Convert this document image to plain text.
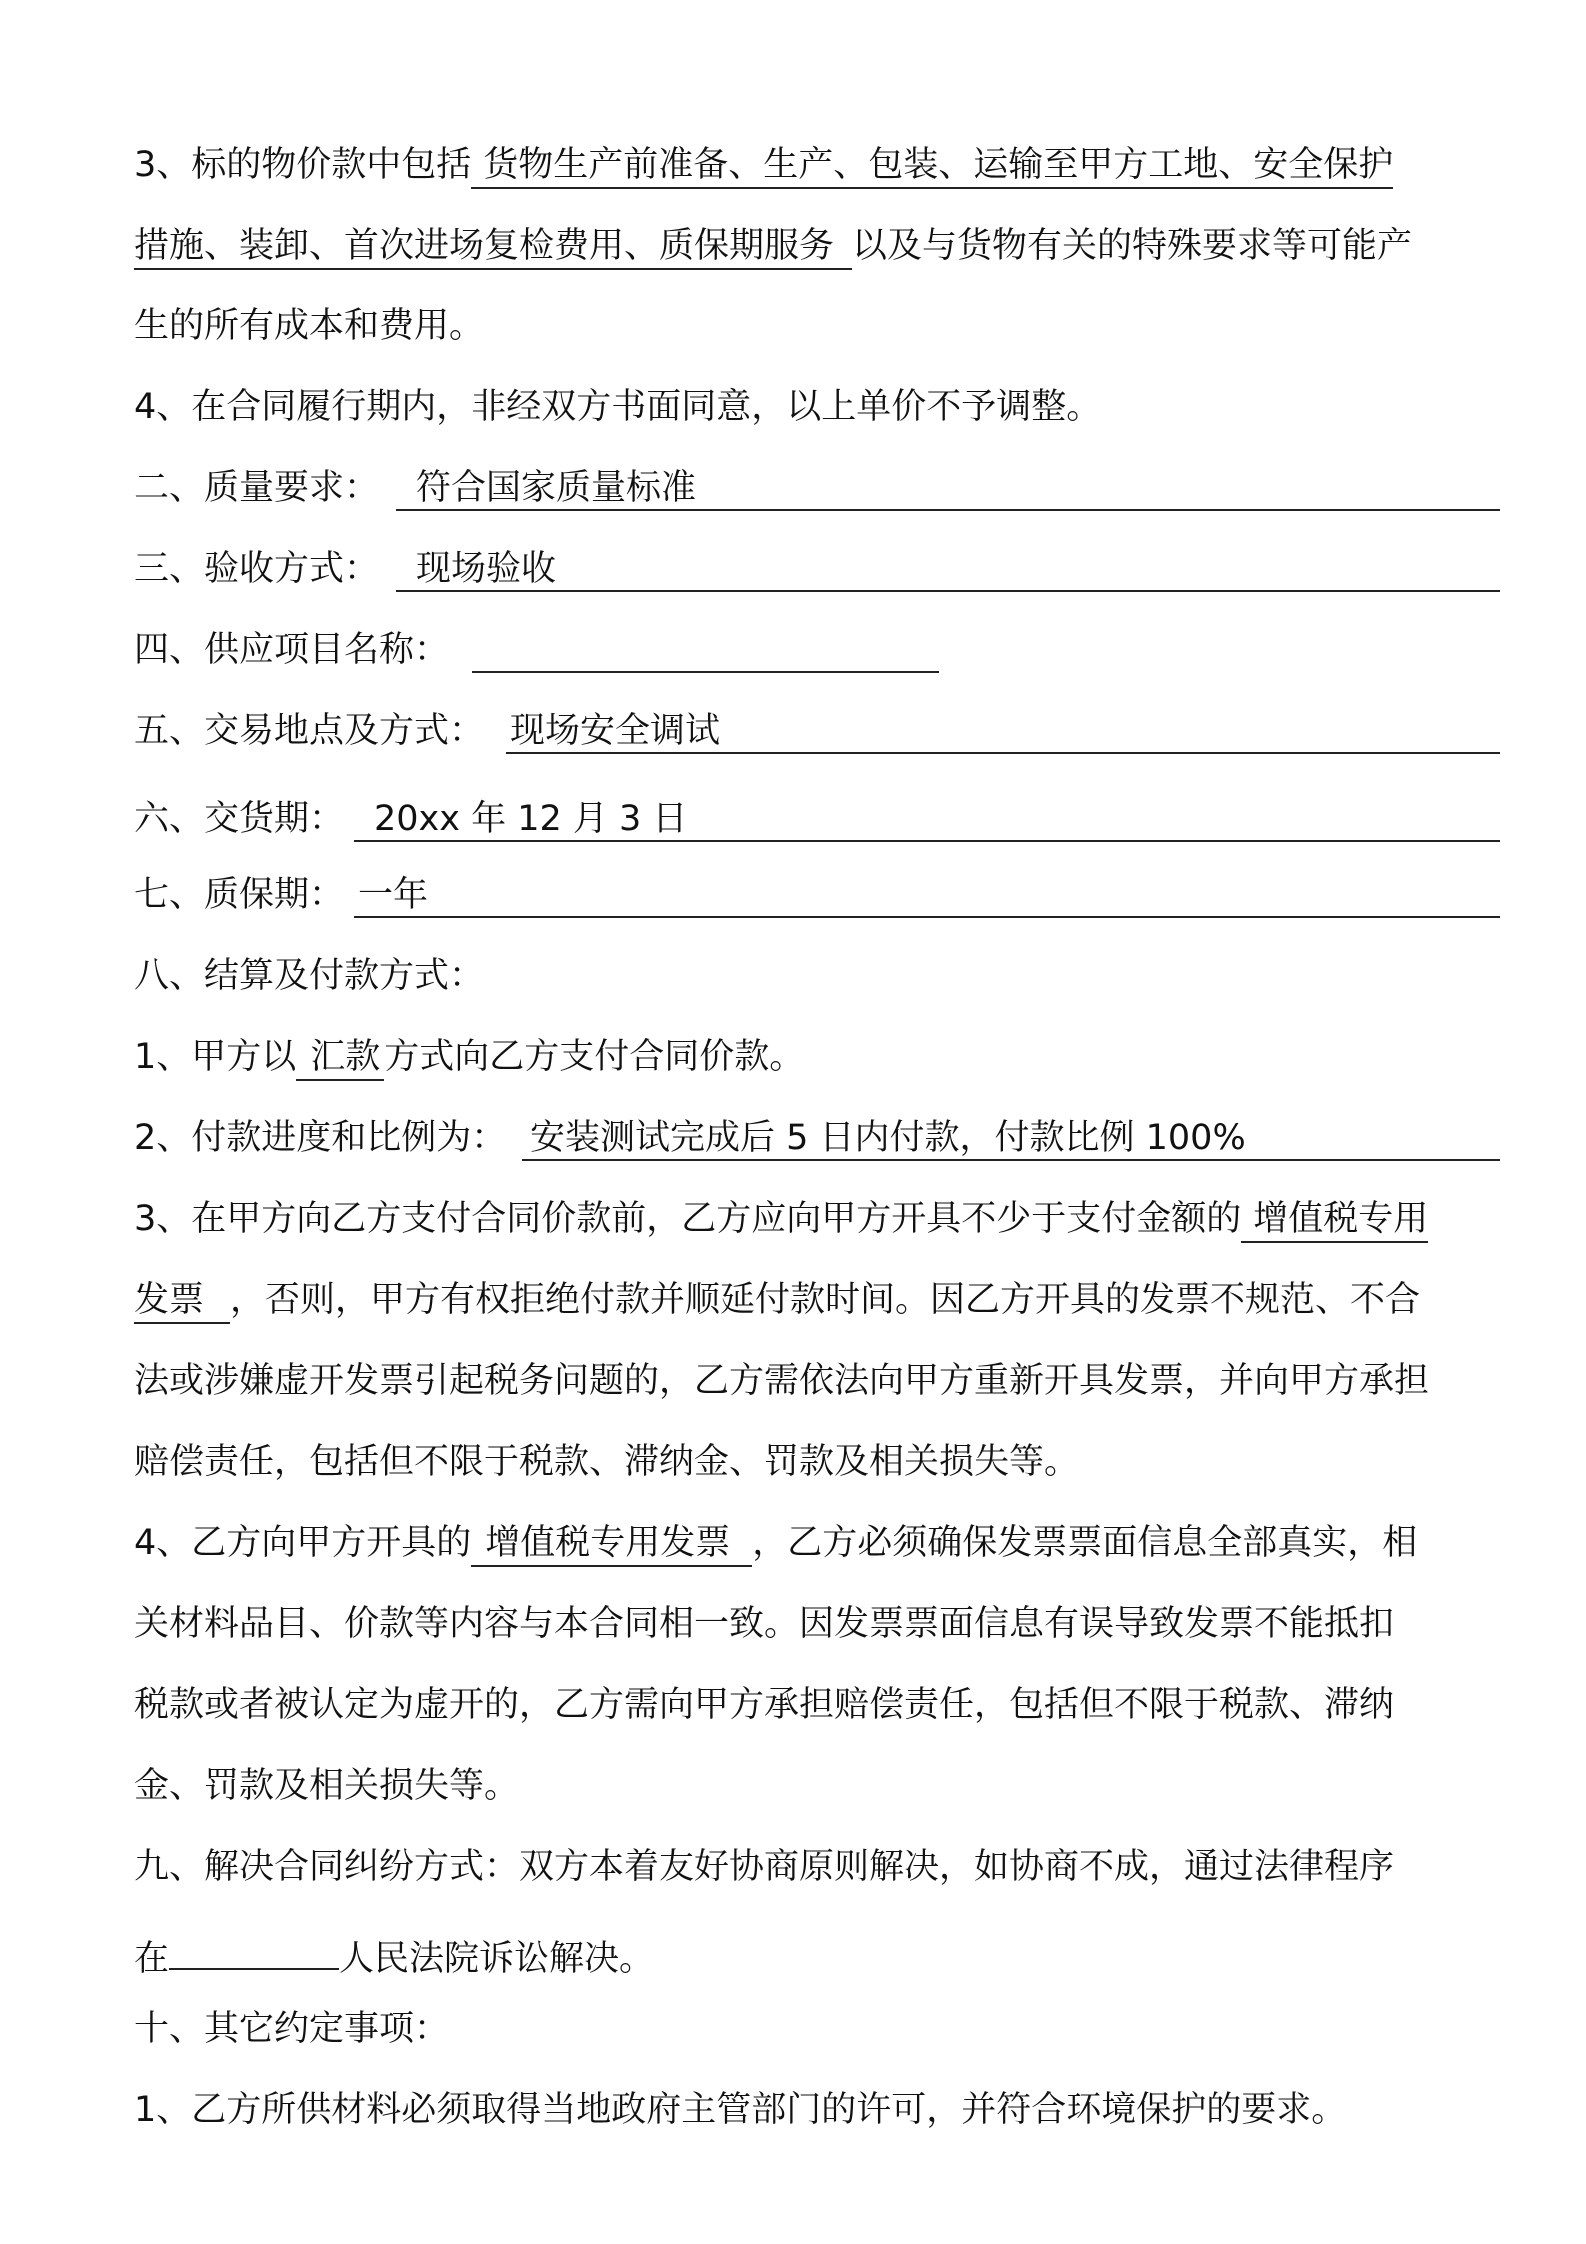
3、标的物价款中包括 货物生产前准备、生产、包装、运输至甲方工地、安全保护
措施、装卸、首次进场复检费用、质保期服务 以及与货物有关的特殊要求等可能产
生的所有成本和费用。
4、在合同履行期内，非经双方书面同意，以上单价不予调整。
二、质量要求： 符合国家质量标准
三、验收方式： 现场验收
四、供应项目名称：
五、交易地点及方式： 现场安全调试
六、交货期： 20xx 年 12 月 3 日
七、质保期： 一年
八、结算及付款方式：
1、甲方以 汇款 方式向乙方支付合同价款。
2、付款进度和比例为： 安装测试完成后 5 日内付款，付款比例 100%
3、在甲方向乙方支付合同价款前，乙方应向甲方开具不少于支付金额的 增值税专用
发票 ，否则，甲方有权拒绝付款并顺延付款时间。因乙方开具的发票不规范、不合
法或涉嫌虚开发票引起税务问题的，乙方需依法向甲方重新开具发票，并向甲方承担
赔偿责任，包括但不限于税款、滞纳金、罚款及相关损失等。
4、乙方向甲方开具的 增值税专用发票 ，乙方必须确保发票票面信息全部真实，相
关材料品目、价款等内容与本合同相一致。因发票票面信息有误导致发票不能抵扣
税款或者被认定为虚开的，乙方需向甲方承担赔偿责任，包括但不限于税款、滞纳
金、罚款及相关损失等。
九、解决合同纠纷方式：双方本着友好协商原则解决，如协商不成，通过法律程序
在	人民法院诉讼解决。
十、其它约定事项：
1、乙方所供材料必须取得当地政府主管部门的许可，并符合环境保护的要求。
